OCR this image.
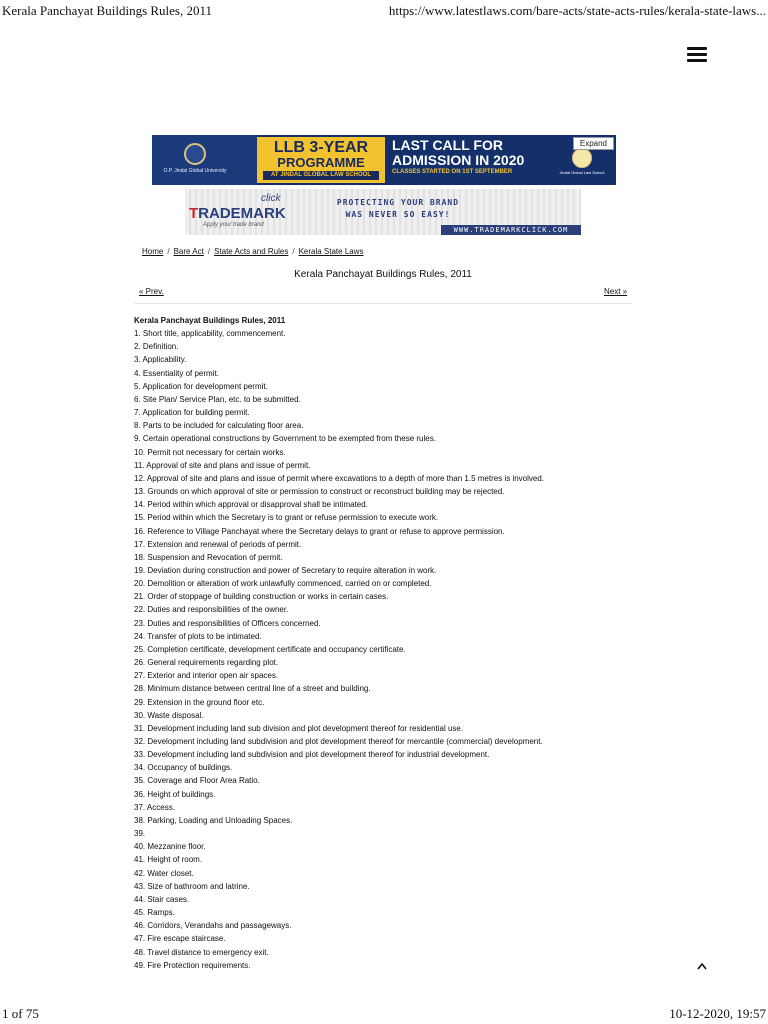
Kerala Panchayat Buildings Rules, 2011	https://www.latestlaws.com/bare-acts/state-acts-rules/kerala-state-laws...
O.P. Jindal Global University
LLB 3-YEAR
PROGRAMME
AT JINDAL GLOBAL LAW SCHOOL
LAST CALL FOR
ADMISSION IN 2020
CLASSES STARTED ON 1ST SEPTEMBER	Jindal Global Law School
Expand
TRADEMARK
click
Apply your trade brand
PROTECTING YOUR BRAND
WAS NEVER SO EASY!
WWW.TRADEMARKCLICK.COM
Home / Bare Act / State Acts and Rules / Kerala State Laws
Kerala Panchayat Buildings Rules, 2011
« Prev.	Next »
Kerala Panchayat Buildings Rules, 2011
1. Short title, applicability, commencement.
2. Definition.
3. Applicability.
4. Essentiality of permit.
5. Application for development permit.
6. Site Plan/ Service Plan, etc. to be submitted.
7. Application for building permit.
8. Parts to be included for calculating floor area.
9. Certain operational constructions by Government to be exempted from these rules.
10. Permit not necessary for certain works.
11. Approval of site and plans and issue of permit.
12. Approval of site and plans and issue of permit where excavations to a depth of more than 1.5 metres is involved.
13. Grounds on which approval of site or permission to construct or reconstruct building may be rejected.
14. Period within which approval or disapproval shall be intimated.
15. Period within which the Secretary is to grant or refuse permission to execute work.
16. Reference to Village Panchayat where the Secretary delays to grant or refuse to approve permission.
17. Extension and renewal of periods of permit.
18. Suspension and Revocation of permit.
19. Deviation during construction and power of Secretary to require alteration in work.
20. Demolition or alteration of work unlawfully commenced, carried on or completed.
21. Order of stoppage of building construction or works in certain cases.
22. Duties and responsibilities of the owner.
23. Duties and responsibilities of Officers concerned.
24. Transfer of plots to be intimated.
25. Completion certificate, development certificate and occupancy certificate.
26. General requirements regarding plot.
27. Exterior and interior open air spaces.
28. Minimum distance between central line of a street and building.
29. Extension in the ground floor etc.
30. Waste disposal.
31. Development including land sub division and plot development thereof for residential use.
32. Development including land subdivision and plot development thereof for mercantile (commercial) development.
33. Development including land subdivision and plot development thereof for industrial development.
34. Occupancy of buildings.
35. Coverage and Floor Area Ratio.
36. Height of buildings.
37. Access.
38. Parking, Loading and Unloading Spaces.
39.
40. Mezzanine floor.
41. Height of room.
42. Water closet.
43. Size of bathroom and latrine.
44. Stair cases.
45. Ramps.
46. Corridors, Verandahs and passageways.
47. Fire escape staircase.
48. Travel distance to emergency exit.
49. Fire Protection requirements.
1 of 75	10-12-2020, 19:57
